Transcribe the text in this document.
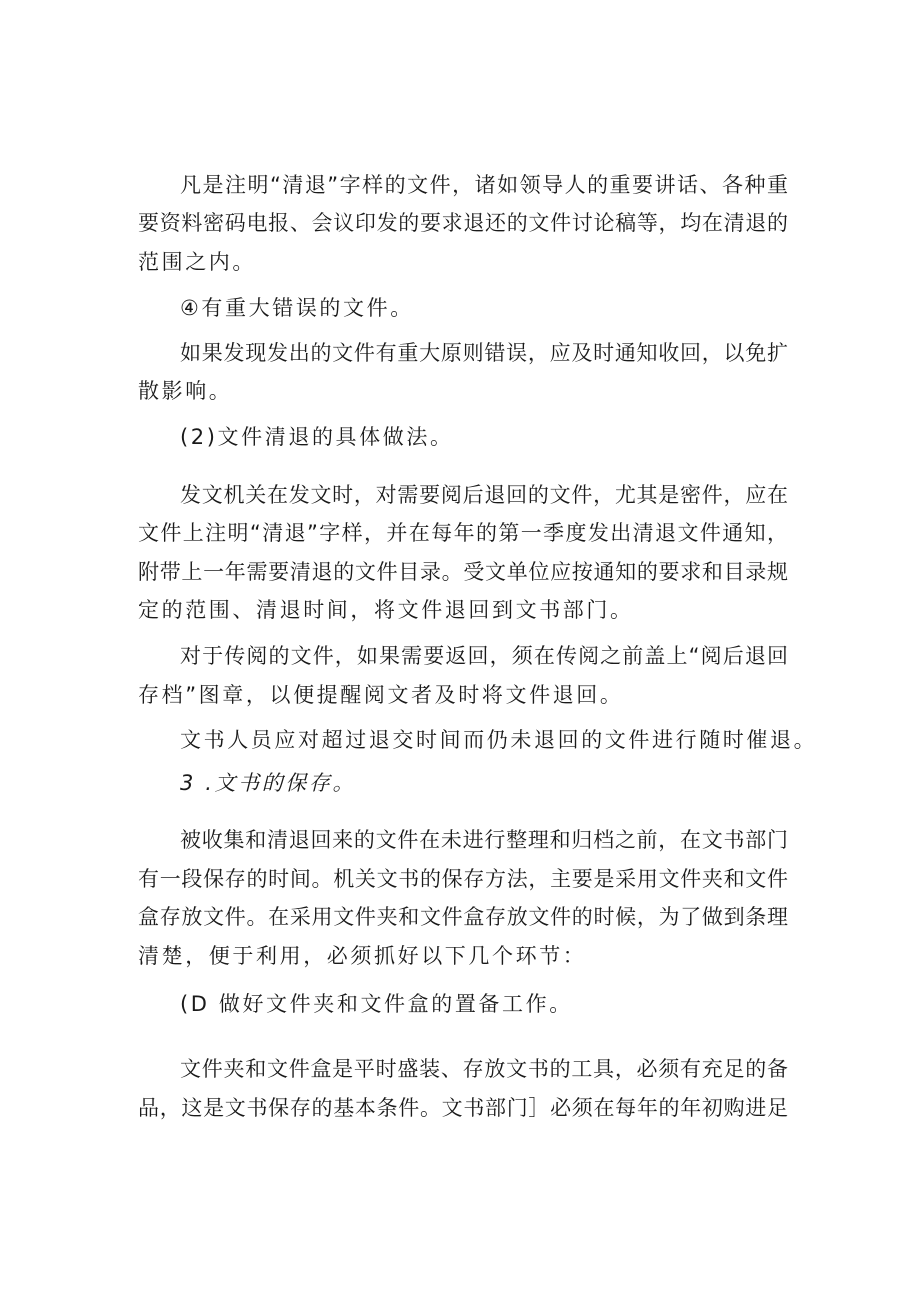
凡是注明“清退”字样的文件，诸如领导人的重要讲话、各种重
要资料密码电报、会议印发的要求退还的文件讨论稿等，均在清退的
范围之内。
④有重大错误的文件。
如果发现发出的文件有重大原则错误，应及时通知收回，以免扩
散影响。
(2)文件清退的具体做法。
发文机关在发文时，对需要阅后退回的文件，尤其是密件，应在
文件上注明“清退”字样，并在每年的第一季度发出清退文件通知，
附带上一年需要清退的文件目录。受文单位应按通知的要求和目录规
定的范围、清退时间，将文件退回到文书部门。
对于传阅的文件，如果需要返回，须在传阅之前盖上“阅后退回
存档”图章，以便提醒阅文者及时将文件退回。
文书人员应对超过退交时间而仍未退回的文件进行随时催退。
3 .文书的保存。
被收集和清退回来的文件在未进行整理和归档之前，在文书部门
有一段保存的时间。机关文书的保存方法，主要是采用文件夹和文件
盒存放文件。在采用文件夹和文件盒存放文件的时候，为了做到条理
清楚，便于利用，必须抓好以下几个环节：
(D 做好文件夹和文件盒的置备工作。
文件夹和文件盒是平时盛装、存放文书的工具，必须有充足的备
品，这是文书保存的基本条件。文书部门］必须在每年的年初购进足
